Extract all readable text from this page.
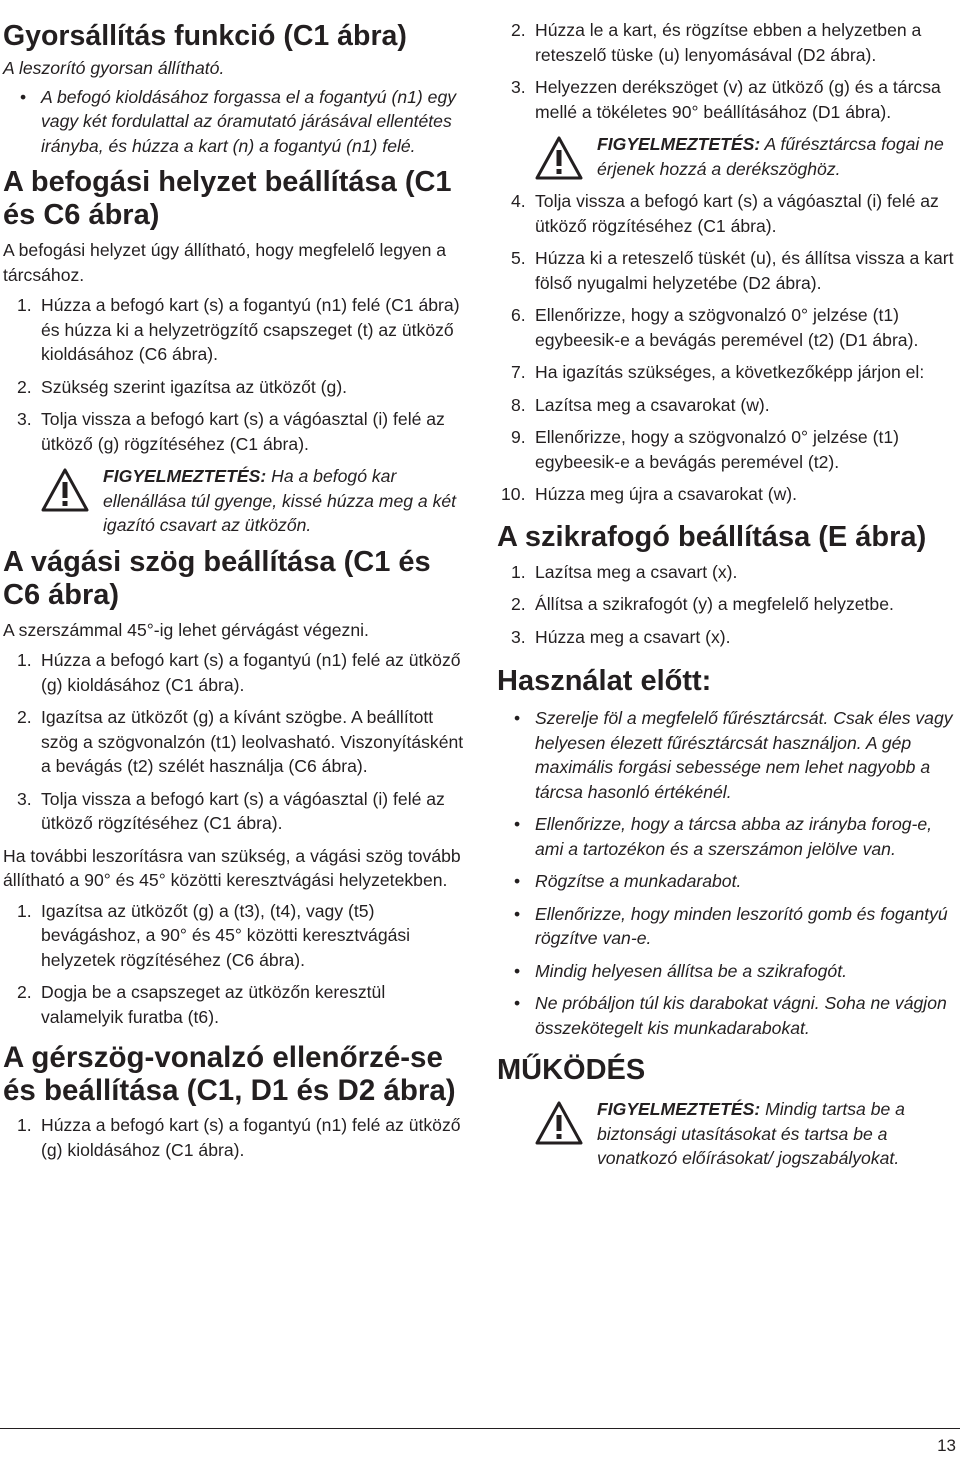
Gyorsállítás funkció (C1 ábra)

A leszorító gyorsan állítható.

• A befogó kioldásához forgassa el a fogantyú (n1) egy vagy két fordulattal az óramutató járásával ellentétes irányba, és húzza a kart (n) a fogantyú (n1) felé.
A befogási helyzet beállítása (C1 és C6 ábra)

A befogási helyzet úgy állítható, hogy megfelelő legyen a tárcsához.

1. Húzza a befogó kart (s) a fogantyú (n1) felé (C1 ábra) és húzza ki a helyzetrögzítő csapszeget (t) az ütköző kioldásához (C6 ábra).
2. Szükség szerint igazítsa az ütközőt (g).
3. Tolja vissza a befogó kart (s) a vágóasztal (i) felé az ütköző (g) rögzítéséhez (C1 ábra).
FIGYELMEZTETÉS: Ha a befogó kar ellenállása túl gyenge, kissé húzza meg a két igazító csavart az ütközőn.
A vágási szög beállítása (C1 és C6 ábra)

A szerszámmal 45°-ig lehet gérvágást végezni.

1. Húzza a befogó kart (s) a fogantyú (n1) felé az ütköző (g) kioldásához (C1 ábra).
2. Igazítsa az ütközőt (g) a kívánt szögbe. A beállított szög a szögvonalzón (t1) leolvasható. Viszonyításként a bevágás (t2) szélét használja (C6 ábra).
3. Tolja vissza a befogó kart (s) a vágóasztal (i) felé az ütköző rögzítéséhez (C1 ábra).

Ha további leszorításra van szükség, a vágási szög tovább állítható a 90° és 45° közötti keresztvágási helyzetekben.

1. Igazítsa az ütközőt (g) a (t3), (t4), vagy (t5) bevágáshoz, a 90° és 45° közötti keresztvágási helyzetek rögzítéséhez (C6 ábra).
2. Dogja be a csapszeget az ütközőn keresztül valamelyik furatba (t6).
A gérszög-vonalzó ellenőrzé-se és beállítása (C1, D1 és D2 ábra)
1. Húzza a befogó kart (s) a fogantyú (n1) felé az ütköző (g) kioldásához (C1 ábra).
2. Húzza le a kart, és rögzítse ebben a helyzetben a reteszelő tüske (u) lenyomásával (D2 ábra).
3. Helyezzen derékszöget (v) az ütköző (g) és a tárcsa mellé a tökéletes 90° beállításához (D1 ábra).
FIGYELMEZTETÉS: A fűrésztárcsa fogai ne érjenek hozzá a derékszöghöz.
4. Tolja vissza a befogó kart (s) a vágóasztal (i) felé az ütköző rögzítéséhez (C1 ábra).
5. Húzza ki a reteszelő tüskét (u), és állítsa vissza a kart fölső nyugalmi helyzetébe (D2 ábra).
6. Ellenőrizze, hogy a szögvonalzó 0° jelzése (t1) egybeesik-e a bevágás peremével (t2) (D1 ábra).
7. Ha igazítás szükséges, a következőképp járjon el:
8. Lazítsa meg a csavarokat (w).
9. Ellenőrizze, hogy a szögvonalzó 0° jelzése (t1) egybeesik-e a bevágás peremével (t2).
10. Húzza meg újra a csavarokat (w).
A szikrafogó beállítása (E ábra)
1. Lazítsa meg a csavart (x).
2. Állítsa a szikrafogót (y) a megfelelő helyzetbe.
3. Húzza meg a csavart (x).
Használat előtt:
• Szerelje föl a megfelelő fűrésztárcsát. Csak éles vagy helyesen élezett fűrésztárcsát használjon. A gép maximális forgási sebessége nem lehet nagyobb a tárcsa hasonló értékénél.
• Ellenőrizze, hogy a tárcsa abba az irányba forog-e, ami a tartozékon és a szerszámon jelölve van.
• Rögzítse a munkadarabot.
• Ellenőrizze, hogy minden leszorító gomb és fogantyú rögzítve van-e.
• Mindig helyesen állítsa be a szikrafogót.
• Ne próbáljon túl kis darabokat vágni. Soha ne vágjon összekötegelt kis munkadarabokat.
MŰKÖDÉS
FIGYELMEZTETÉS: Mindig tartsa be a biztonsági utasításokat és tartsa be a vonatkozó előírásokat/ jogszabályokat.
13
